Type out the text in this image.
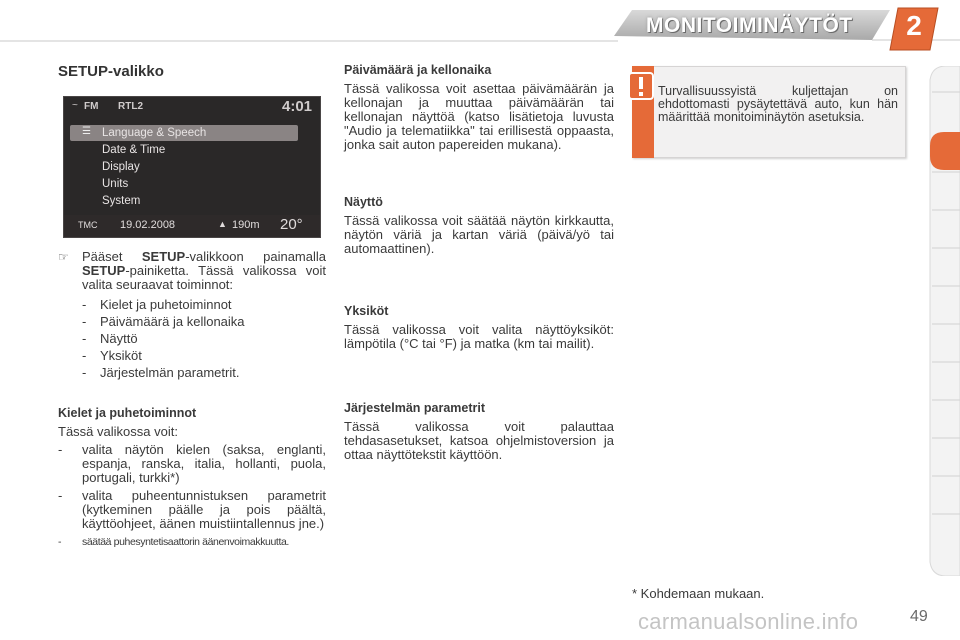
MONITOIMINÄYTÖT	2
SETUP-valikko
~ FM RTL2	4:01
☰ Language & Speech
Date & Time
Display
Units
System
TMC 19.02.2008	▲ 190m 20°
☞	Pääset SETUP-valikkoon painamalla SETUP-painiketta. Tässä valikossa voit valita seuraavat toiminnot:

- Kielet ja puhetoiminnot
- Päivämäärä ja kellonaika
- Näyttö
- Yksiköt
- Järjestelmän parametrit.
Kielet ja puhetoiminnot

Tässä valikossa voit:

- valita näytön kielen (saksa, englanti, espanja, ranska, italia, hollanti, puola, portugali, turkki*)
- valita puheentunnistuksen parametrit (kytkeminen päälle ja pois päältä, käyttöohjeet, äänen muistiintallennus jne.)
- säätää puhesyntetisaattorin äänenvoimakkuutta.
Päivämäärä ja kellonaika

Tässä valikossa voit asettaa päivämäärän ja kellonajan ja muuttaa päivämäärän tai kellonajan näyttöä (katso lisätietoja luvusta "Audio ja telematiikka" tai erillisestä oppaasta, jonka sait auton papereiden mukana).

Näyttö

Tässä valikossa voit säätää näytön kirkkautta, näytön väriä ja kartan väriä (päivä/yö tai automaattinen).

Yksiköt

Tässä valikossa voit valita näyttöyksiköt: lämpötila (°C tai °F) ja matka (km tai mailit).

Järjestelmän parametrit

Tässä valikossa voit palauttaa tehdasasetukset, katsoa ohjelmistoversion ja ottaa näyttötekstit käyttöön.

Turvallisuussyistä kuljettajan on ehdottomasti pysäytettävä auto, kun hän määrittää monitoiminäytön asetuksia.
* Kohdemaan mukaan.
carmanualsonline.info	49
